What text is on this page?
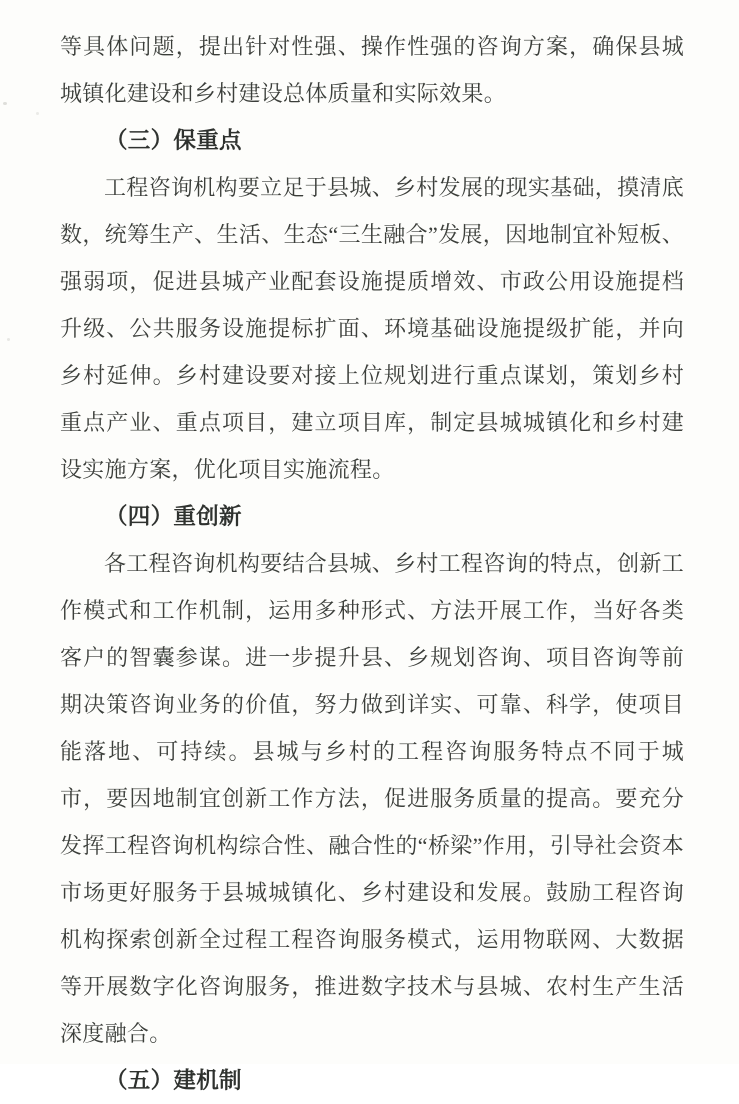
等具体问题，提出针对性强、操作性强的咨询方案，确保县城城镇化建设和乡村建设总体质量和实际效果。

（三）保重点

工程咨询机构要立足于县城、乡村发展的现实基础，摸清底数，统筹生产、生活、生态“三生融合”发展，因地制宜补短板、强弱项，促进县城产业配套设施提质增效、市政公用设施提档升级、公共服务设施提标扩面、环境基础设施提级扩能，并向乡村延伸。乡村建设要对接上位规划进行重点谋划，策划乡村重点产业、重点项目，建立项目库，制定县城城镇化和乡村建设实施方案，优化项目实施流程。

（四）重创新

各工程咨询机构要结合县城、乡村工程咨询的特点，创新工作模式和工作机制，运用多种形式、方法开展工作，当好各类客户的智囊参谋。进一步提升县、乡规划咨询、项目咨询等前期决策咨询业务的价值，努力做到详实、可靠、科学，使项目能落地、可持续。县城与乡村的工程咨询服务特点不同于城市，要因地制宜创新工作方法，促进服务质量的提高。要充分发挥工程咨询机构综合性、融合性的“桥梁”作用，引导社会资本市场更好服务于县城城镇化、乡村建设和发展。鼓励工程咨询机构探索创新全过程工程咨询服务模式，运用物联网、大数据等开展数字化咨询服务，推进数字技术与县城、农村生产生活深度融合。

（五）建机制
